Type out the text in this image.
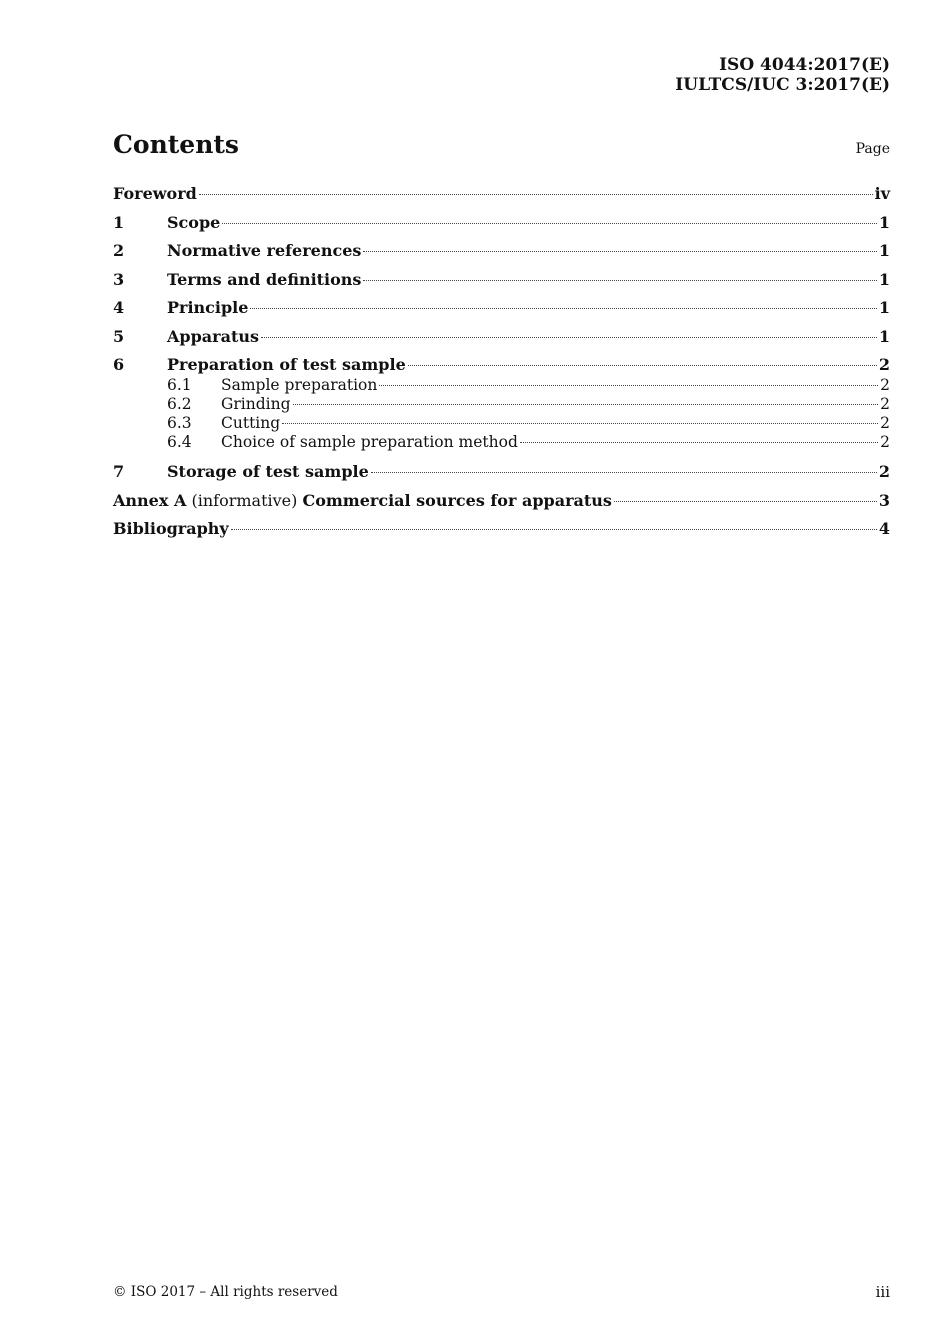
ISO 4044:2017(E)
IULTCS/IUC 3:2017(E)
Contents	Page
Foreword	iv
1	Scope	1
2	Normative references	1
3	Terms and definitions	1
4	Principle	1
5	Apparatus	1
6	Preparation of test sample	2
6.1	Sample preparation	2
6.2	Grinding	2
6.3	Cutting	2
6.4	Choice of sample preparation method	2
7	Storage of test sample	2
Annex A (informative) Commercial sources for apparatus	3
Bibliography	4
© ISO 2017 – All rights reserved	iii
